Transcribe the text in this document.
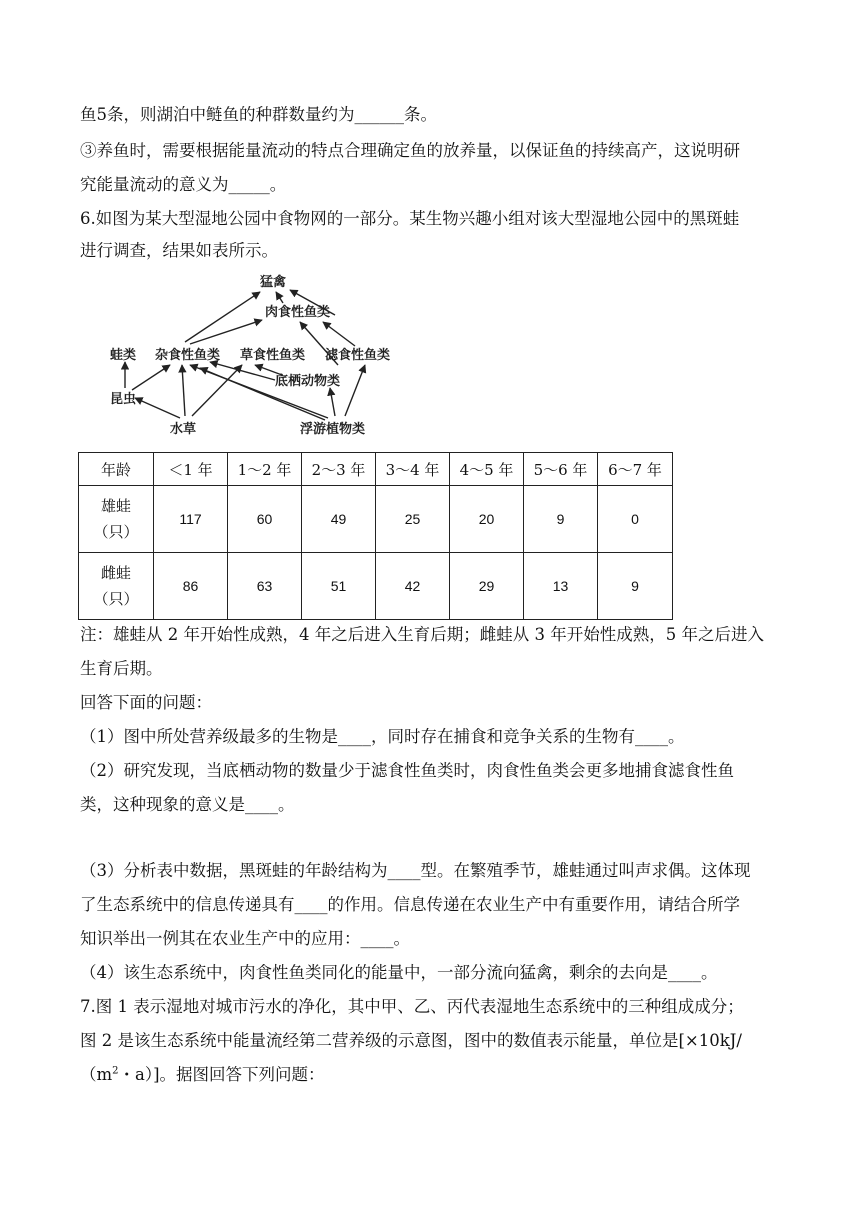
鱼5条，则湖泊中鲢鱼的种群数量约为______条。
③养鱼时，需要根据能量流动的特点合理确定鱼的放养量，以保证鱼的持续高产，这说明研
究能量流动的意义为_____。
6.如图为某大型湿地公园中食物网的一部分。某生物兴趣小组对该大型湿地公园中的黑斑蛙
进行调查，结果如表所示。
猛禽
肉食性鱼类
蛙类 杂食性鱼类 草食性鱼类 滤食性鱼类
底栖动物类
昆虫
水草	浮游植物类
年龄	＜1 年	1～2 年	2～3 年	3～4 年	4～5 年	5～6 年	6～7 年
雄蛙
（只）	117	60	49	25	20	9	0
雌蛙
（只）	86	63	51	42	29	13	9
注：雄蛙从 2 年开始性成熟，4 年之后进入生育后期；雌蛙从 3 年开始性成熟，5 年之后进入
生育后期。
回答下面的问题：
（1）图中所处营养级最多的生物是____，同时存在捕食和竞争关系的生物有____。
（2）研究发现，当底栖动物的数量少于滤食性鱼类时，肉食性鱼类会更多地捕食滤食性鱼
类，这种现象的意义是____。
（3）分析表中数据，黑斑蛙的年龄结构为____型。在繁殖季节，雄蛙通过叫声求偶。这体现
了生态系统中的信息传递具有____的作用。信息传递在农业生产中有重要作用，请结合所学
知识举出一例其在农业生产中的应用：____。
（4）该生态系统中，肉食性鱼类同化的能量中，一部分流向猛禽，剩余的去向是____。
7.图 1 表示湿地对城市污水的净化，其中甲、乙、丙代表湿地生态系统中的三种组成成分；
图 2 是该生态系统中能量流经第二营养级的示意图，图中的数值表示能量，单位是[×10kJ/
（$m^2$・a）]。据图回答下列问题：
